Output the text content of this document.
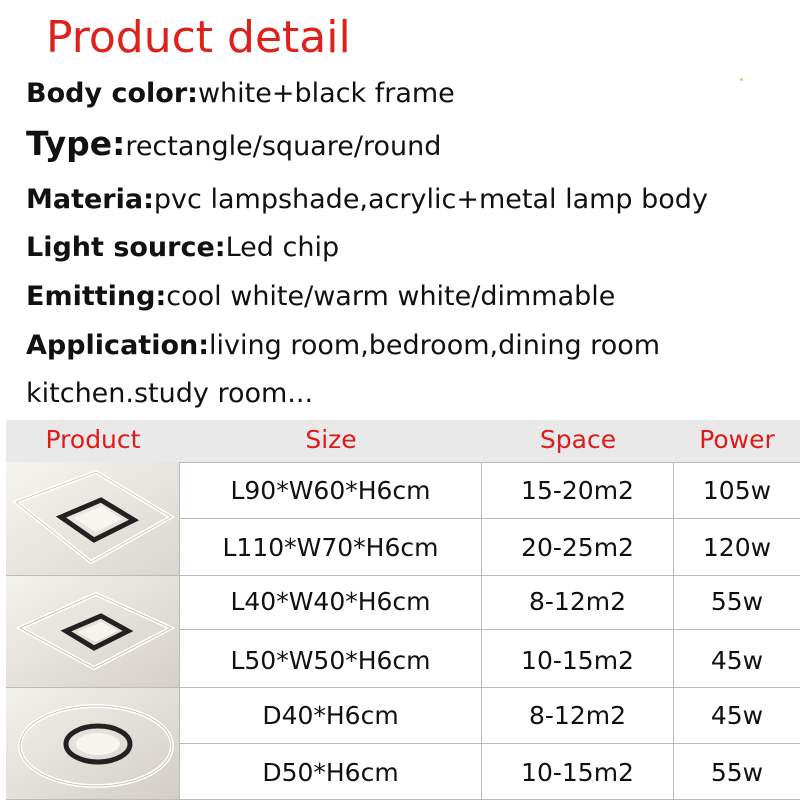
Product detail
Body color:white+black frame
Type:rectangle/square/round
Materia:pvc lampshade,acrylic+metal lamp body
Light source:Led chip
Emitting:cool white/warm white/dimmable
Application:living room,bedroom,dining room
kitchen.study room...
Product	Size	Space	Power
L90*W60*H6cm	15-20m2	105w
L110*W70*H6cm	20-25m2	120w
L40*W40*H6cm	8-12m2	55w
L50*W50*H6cm	10-15m2	45w
D40*H6cm	8-12m2	45w
D50*H6cm	10-15m2	55w
